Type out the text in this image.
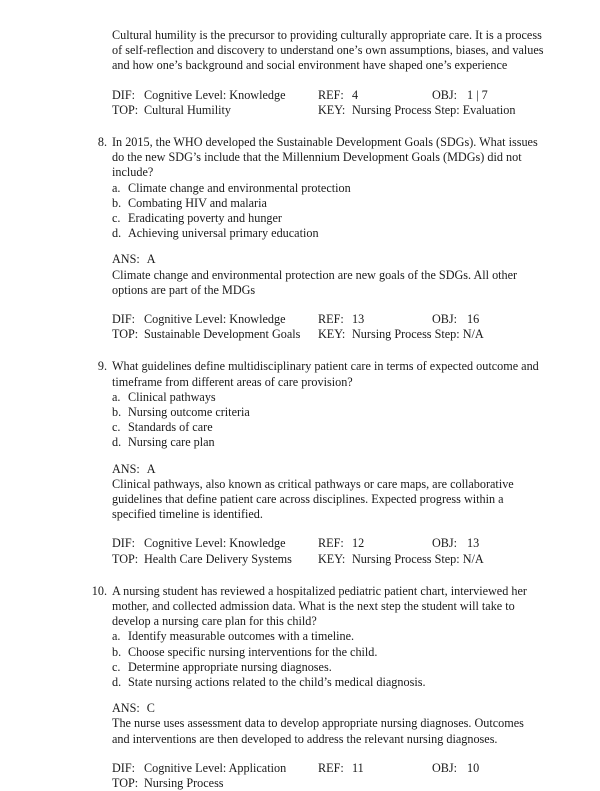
Cultural humility is the precursor to providing culturally appropriate care. It is a process of self-reflection and discovery to understand one’s own assumptions, biases, and values and how one’s background and social environment have shaped one’s experience
DIF: Cognitive Level: Knowledge	REF: 4	OBJ: 1 | 7
TOP: Cultural Humility	KEY: Nursing Process Step: Evaluation
8. In 2015, the WHO developed the Sustainable Development Goals (SDGs). What issues do the new SDG’s include that the Millennium Development Goals (MDGs) did not include?
a. Climate change and environmental protection
b. Combating HIV and malaria
c. Eradicating poverty and hunger
d. Achieving universal primary education
ANS: A
Climate change and environmental protection are new goals of the SDGs. All other options are part of the MDGs
DIF: Cognitive Level: Knowledge	REF: 13	OBJ: 16
TOP: Sustainable Development Goals KEY: Nursing Process Step: N/A
9. What guidelines define multidisciplinary patient care in terms of expected outcome and timeframe from different areas of care provision?
a. Clinical pathways
b. Nursing outcome criteria
c. Standards of care
d. Nursing care plan
ANS: A
Clinical pathways, also known as critical pathways or care maps, are collaborative guidelines that define patient care across disciplines. Expected progress within a specified timeline is identified.
DIF: Cognitive Level: Knowledge	REF: 12	OBJ: 13
TOP: Health Care Delivery Systems KEY: Nursing Process Step: N/A
10. A nursing student has reviewed a hospitalized pediatric patient chart, interviewed her mother, and collected admission data. What is the next step the student will take to develop a nursing care plan for this child?
a. Identify measurable outcomes with a timeline.
b. Choose specific nursing interventions for the child.
c. Determine appropriate nursing diagnoses.
d. State nursing actions related to the child’s medical diagnosis.
ANS: C
The nurse uses assessment data to develop appropriate nursing diagnoses. Outcomes and interventions are then developed to address the relevant nursing diagnoses.
DIF: Cognitive Level: Application	REF: 11	OBJ: 10
TOP: Nursing Process
